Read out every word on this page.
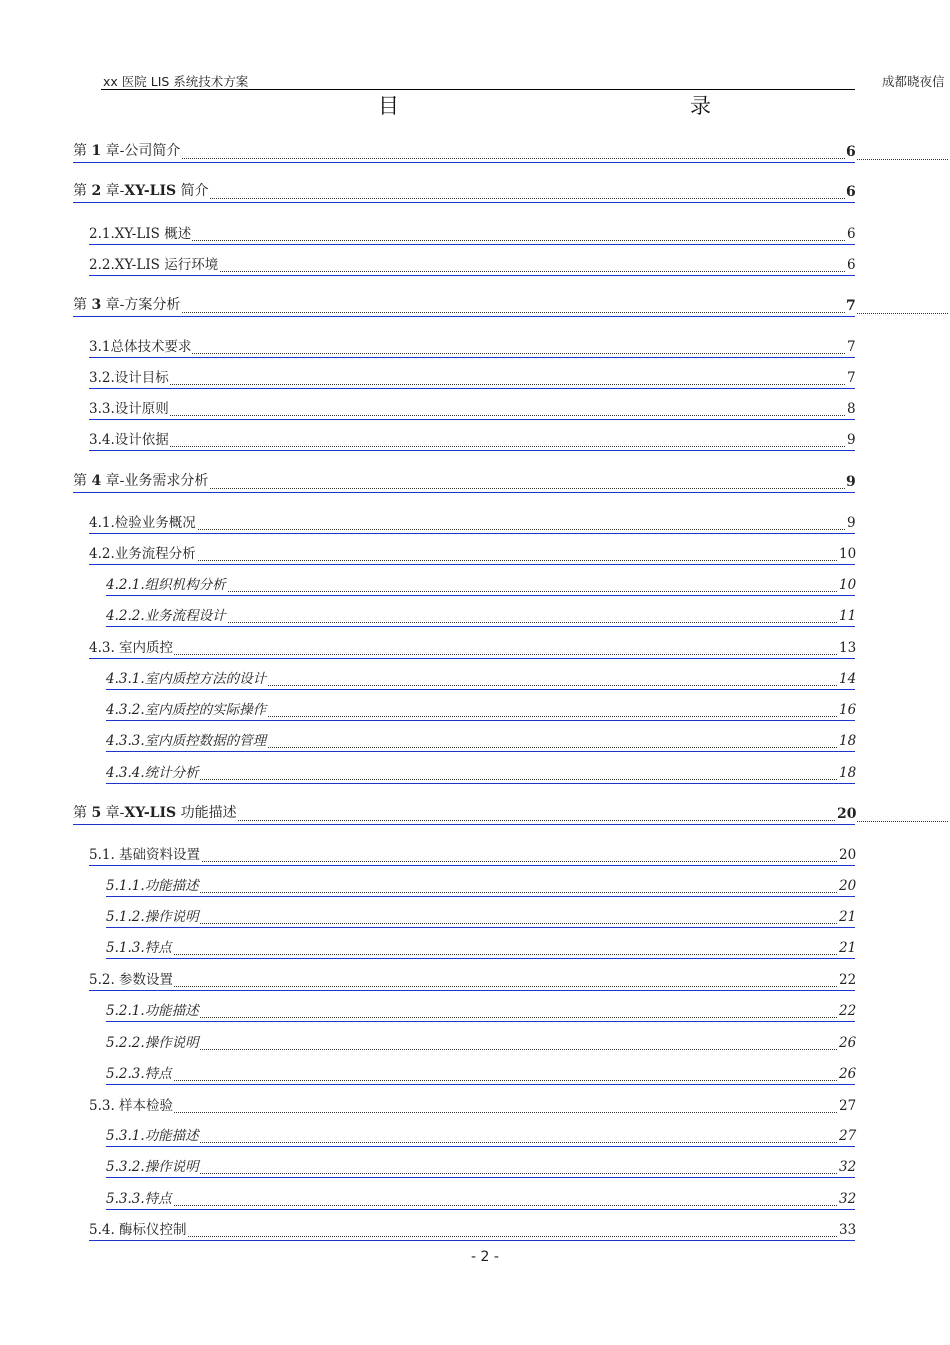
xx 医院 LIS 系统技术方案	成都晓夜信
目	录
第 1 章-公司简介	6
第 2 章-XY-LIS 简介	6
2.1.XY-LIS 概述	6
2.2.XY-LIS 运行环境	6
第 3 章-方案分析	7
3.1总体技术要求	7
3.2.设计目标	7
3.3.设计原则	8
3.4.设计依据	9
第 4 章-业务需求分析	9
4.1.检验业务概况	9
4.2.业务流程分析	10
4.2.1.组织机构分析	10
4.2.2.业务流程设计	11
4.3. 室内质控	13
4.3.1.室内质控方法的设计	14
4.3.2.室内质控的实际操作	16
4.3.3.室内质控数据的管理	18
4.3.4.统计分析	18
第 5 章-XY-LIS 功能描述	20
5.1. 基础资料设置	20
5.1.1.功能描述	20
5.1.2.操作说明	21
5.1.3.特点	21
5.2. 参数设置	22
5.2.1.功能描述	22
5.2.2.操作说明	26
5.2.3.特点	26
5.3. 样本检验	27
5.3.1.功能描述	27
5.3.2.操作说明	32
5.3.3.特点	32
5.4. 酶标仪控制	33
- 2 -
